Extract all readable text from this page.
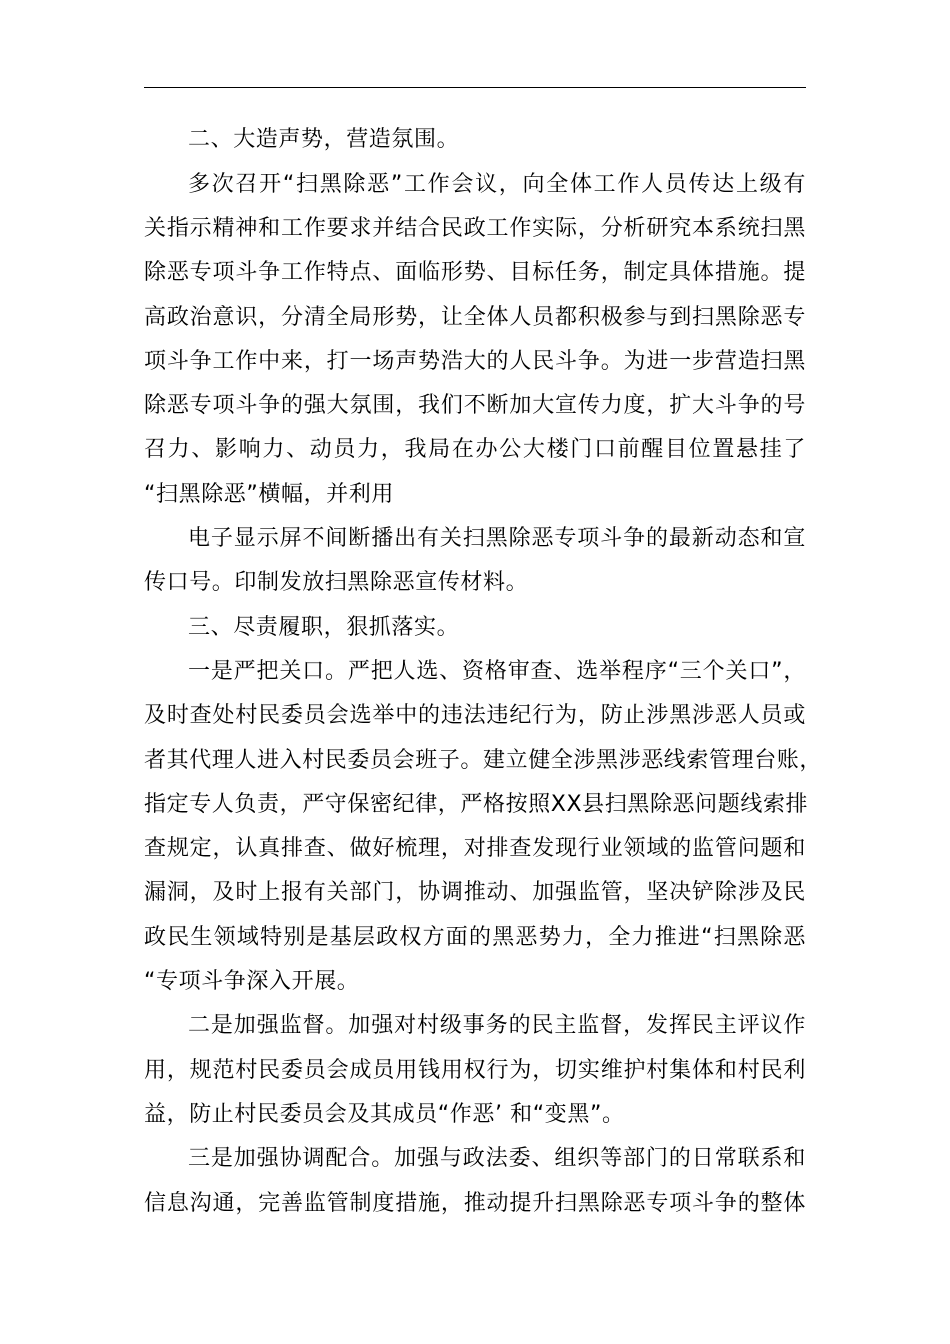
二、大造声势，营造氛围。
多次召开“扫黑除恶”工作会议，向全体工作人员传达上级有
关指示精神和工作要求并结合民政工作实际，分析研究本系统扫黑
除恶专项斗争工作特点、面临形势、目标任务，制定具体措施。提
高政治意识，分清全局形势，让全体人员都积极参与到扫黑除恶专
项斗争工作中来，打一场声势浩大的人民斗争。为进一步营造扫黑
除恶专项斗争的强大氛围，我们不断加大宣传力度，扩大斗争的号
召力、影响力、动员力，我局在办公大楼门口前醒目位置悬挂了
“扫黑除恶”横幅，并利用
电子显示屏不间断播出有关扫黑除恶专项斗争的最新动态和宣
传口号。印制发放扫黑除恶宣传材料。
三、尽责履职，狠抓落实。
一是严把关口。严把人选、资格审查、选举程序“三个关口”，
及时查处村民委员会选举中的违法违纪行为，防止涉黑涉恶人员或
者其代理人进入村民委员会班子。建立健全涉黑涉恶线索管理台账，
指定专人负责，严守保密纪律，严格按照XX县扫黑除恶问题线索排
查规定，认真排查、做好梳理，对排查发现行业领域的监管问题和
漏洞，及时上报有关部门，协调推动、加强监管，坚决铲除涉及民
政民生领域特别是基层政权方面的黑恶势力，全力推进“扫黑除恶
“专项斗争深入开展。
二是加强监督。加强对村级事务的民主监督，发挥民主评议作
用，规范村民委员会成员用钱用权行为，切实维护村集体和村民利
益，防止村民委员会及其成员“作恶’ 和“变黑”。
三是加强协调配合。加强与政法委、组织等部门的日常联系和
信息沟通，完善监管制度措施，推动提升扫黑除恶专项斗争的整体
